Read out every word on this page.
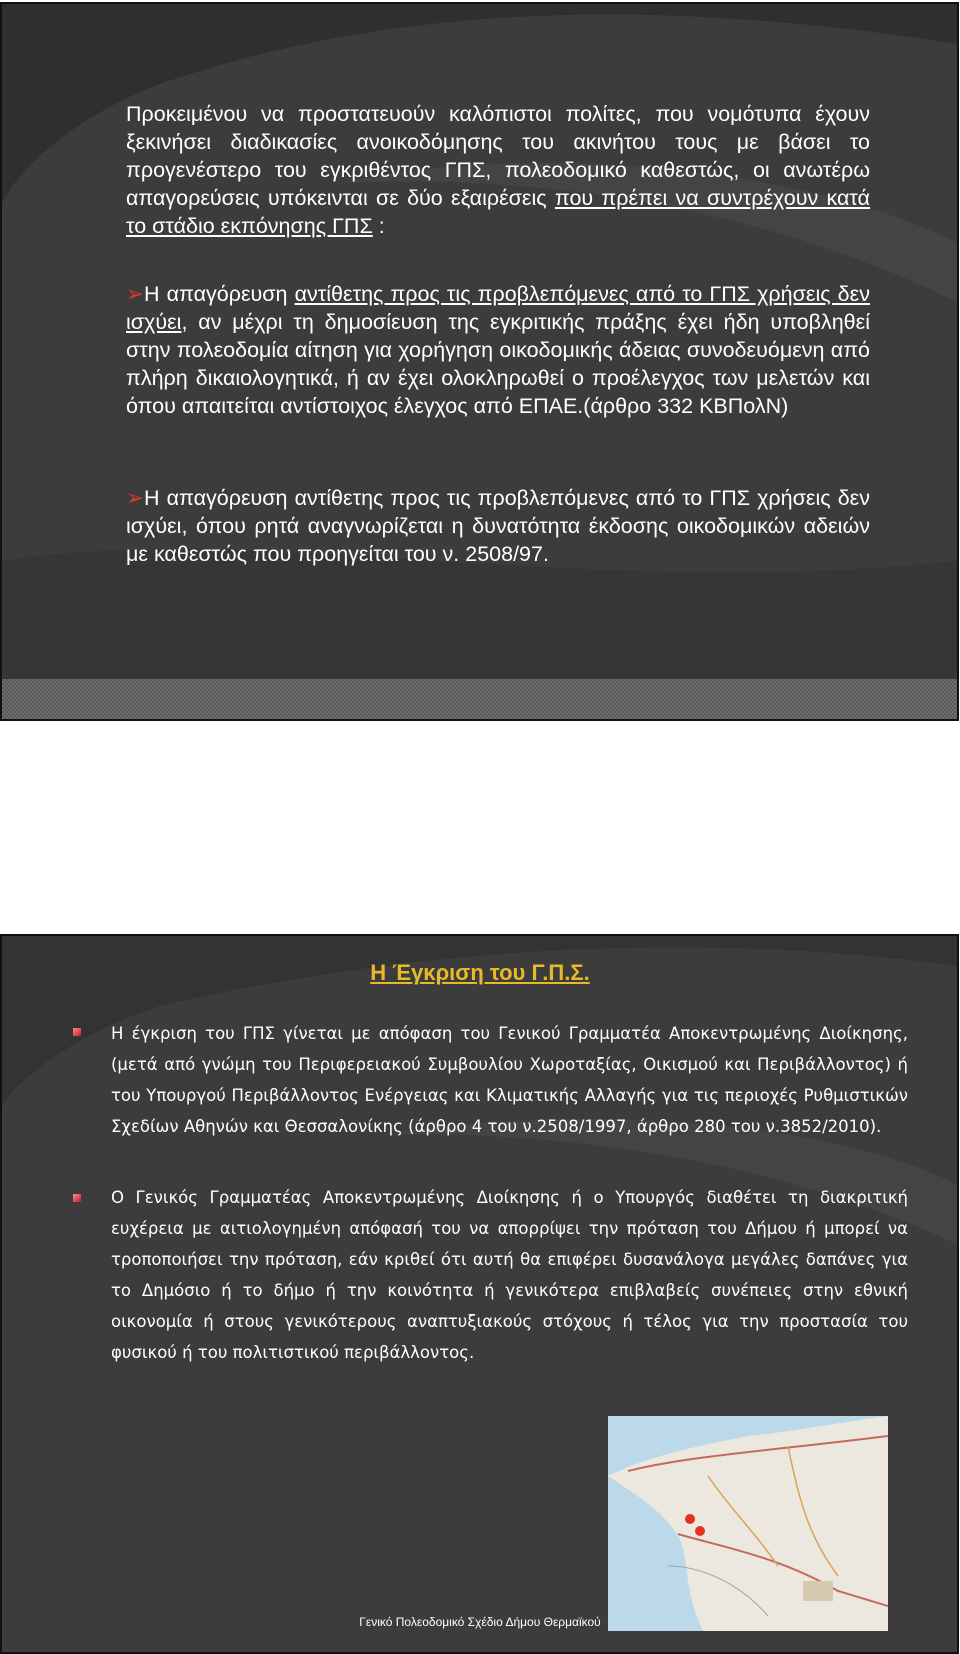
Προκειμένου να προστατευούν καλόπιστοι πολίτες, που νομότυπα έχουν ξεκινήσει διαδικασίες ανοικοδόμησης του ακινήτου τους με βάσει το προγενέστερο του εγκριθέντος ΓΠΣ, πολεοδομικό καθεστώς, οι ανωτέρω απαγορεύσεις υπόκεινται σε δύο εξαιρέσεις που πρέπει να συντρέχουν κατά το στάδιο εκπόνησης ΓΠΣ :
➢Η απαγόρευση αντίθετης προς τις προβλεπόμενες από το ΓΠΣ χρήσεις δεν ισχύει, αν μέχρι τη δημοσίευση της εγκριτικής πράξης έχει ήδη υποβληθεί στην πολεοδομία αίτηση για χορήγηση οικοδομικής άδειας συνοδευόμενη από πλήρη δικαιολογητικά, ή αν έχει ολοκληρωθεί ο προέλεγχος των μελετών και όπου απαιτείται αντίστοιχος έλεγχος από ΕΠΑΕ.(άρθρο 332 ΚΒΠολΝ)
➢Η απαγόρευση αντίθετης προς τις προβλεπόμενες από το ΓΠΣ χρήσεις δεν ισχύει, όπου ρητά αναγνωρίζεται η δυνατότητα έκδοσης οικοδομικών αδειών με καθεστώς που προηγείται του ν. 2508/97.
Η Έγκριση του Γ.Π.Σ.
Η έγκριση του ΓΠΣ γίνεται με απόφαση του Γενικού Γραμματέα Αποκεντρωμένης Διοίκησης, (μετά από γνώμη του Περιφερειακού Συμβουλίου Χωροταξίας, Οικισμού και Περιβάλλοντος) ή του Υπουργού Περιβάλλοντος Ενέργειας και Κλιματικής Αλλαγής για τις περιοχές Ρυθμιστικών Σχεδίων Αθηνών και Θεσσαλονίκης (άρθρο 4 του ν.2508/1997, άρθρο 280 του ν.3852/2010).
Ο Γενικός Γραμματέας Αποκεντρωμένης Διοίκησης ή ο Υπουργός διαθέτει τη διακριτική ευχέρεια με αιτιολογημένη απόφασή του να απορρίψει την πρόταση του Δήμου ή μπορεί να τροποποιήσει την πρόταση, εάν κριθεί ότι αυτή θα επιφέρει δυσανάλογα μεγάλες δαπάνες για το Δημόσιο ή το δήμο ή την κοινότητα ή γενικότερα επιβλαβείς συνέπειες στην εθνική οικονομία ή στους γενικότερους αναπτυξιακούς στόχους ή τέλος για την προστασία του φυσικού ή του πολιτιστικού περιβάλλοντος.
Γενικό Πολεοδομικό Σχέδιο Δήμου Θερμαϊκού
